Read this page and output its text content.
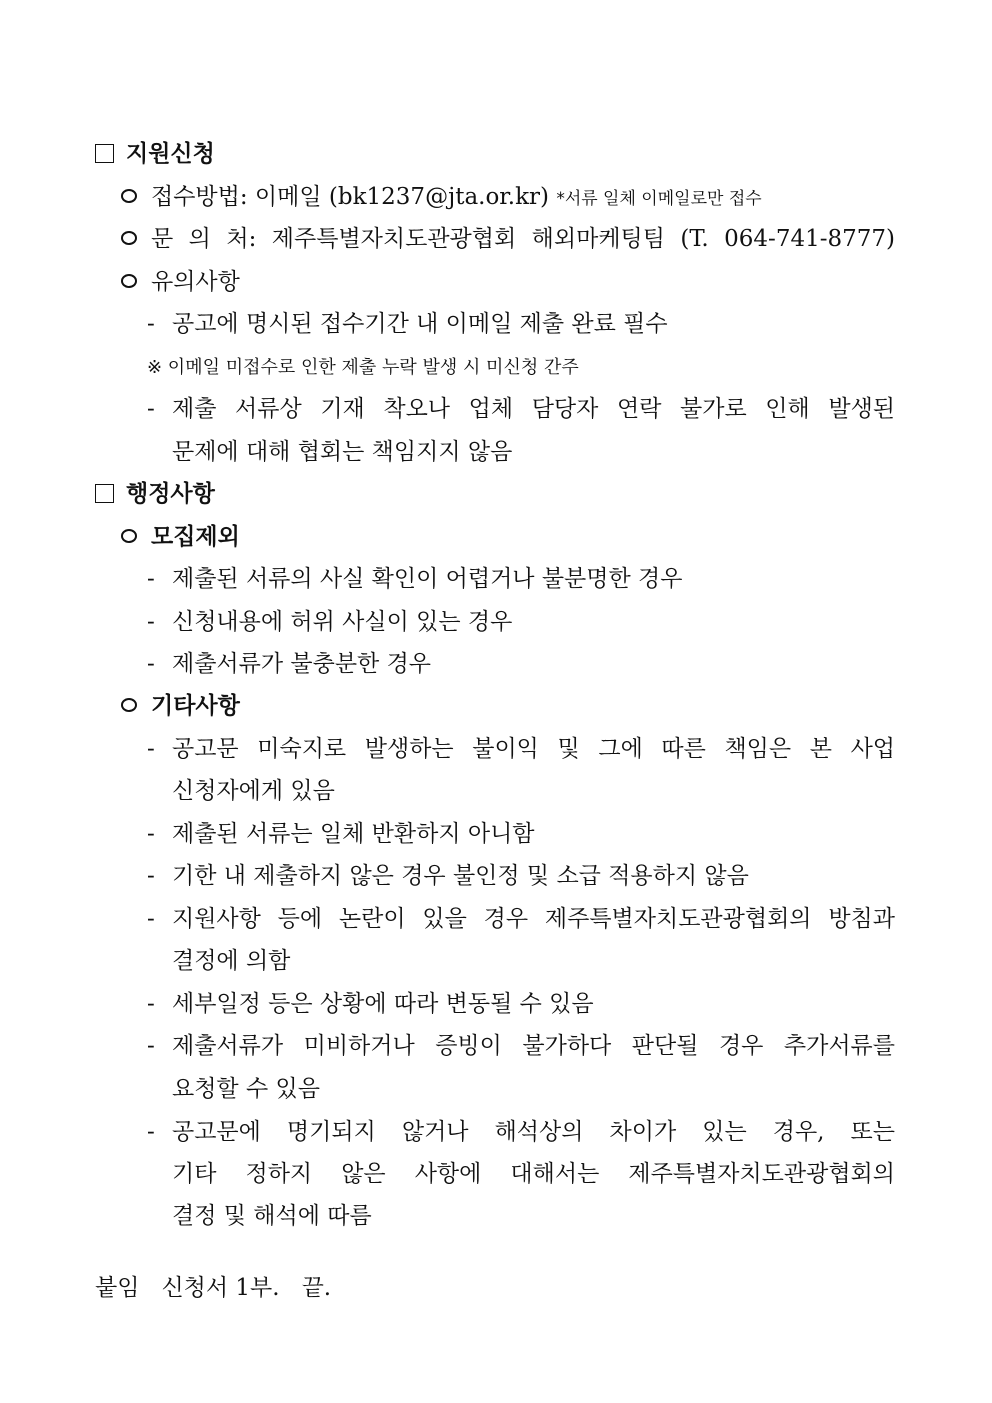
지원신청
접수방법: 이메일 (bk1237@jta.or.kr) *서류 일체 이메일로만 접수
문 의 처: 제주특별자치도관광협회 해외마케팅팀 (T. 064-741-8777)
유의사항
- 공고에 명시된 접수기간 내 이메일 제출 완료 필수
※ 이메일 미접수로 인한 제출 누락 발생 시 미신청 간주
- 제출 서류상 기재 착오나 업체 담당자 연락 불가로 인해 발생된
문제에 대해 협회는 책임지지 않음
행정사항
모집제외
- 제출된 서류의 사실 확인이 어렵거나 불분명한 경우
- 신청내용에 허위 사실이 있는 경우
- 제출서류가 불충분한 경우
기타사항
- 공고문 미숙지로 발생하는 불이익 및 그에 따른 책임은 본 사업
신청자에게 있음
- 제출된 서류는 일체 반환하지 아니함
- 기한 내 제출하지 않은 경우 불인정 및 소급 적용하지 않음
- 지원사항 등에 논란이 있을 경우 제주특별자치도관광협회의 방침과
결정에 의함
- 세부일정 등은 상황에 따라 변동될 수 있음
- 제출서류가 미비하거나 증빙이 불가하다 판단될 경우 추가서류를
요청할 수 있음
- 공고문에 명기되지 않거나 해석상의 차이가 있는 경우, 또는
기타 정하지 않은 사항에 대해서는 제주특별자치도관광협회의
결정 및 해석에 따름
붙임 신청서 1부. 끝.
